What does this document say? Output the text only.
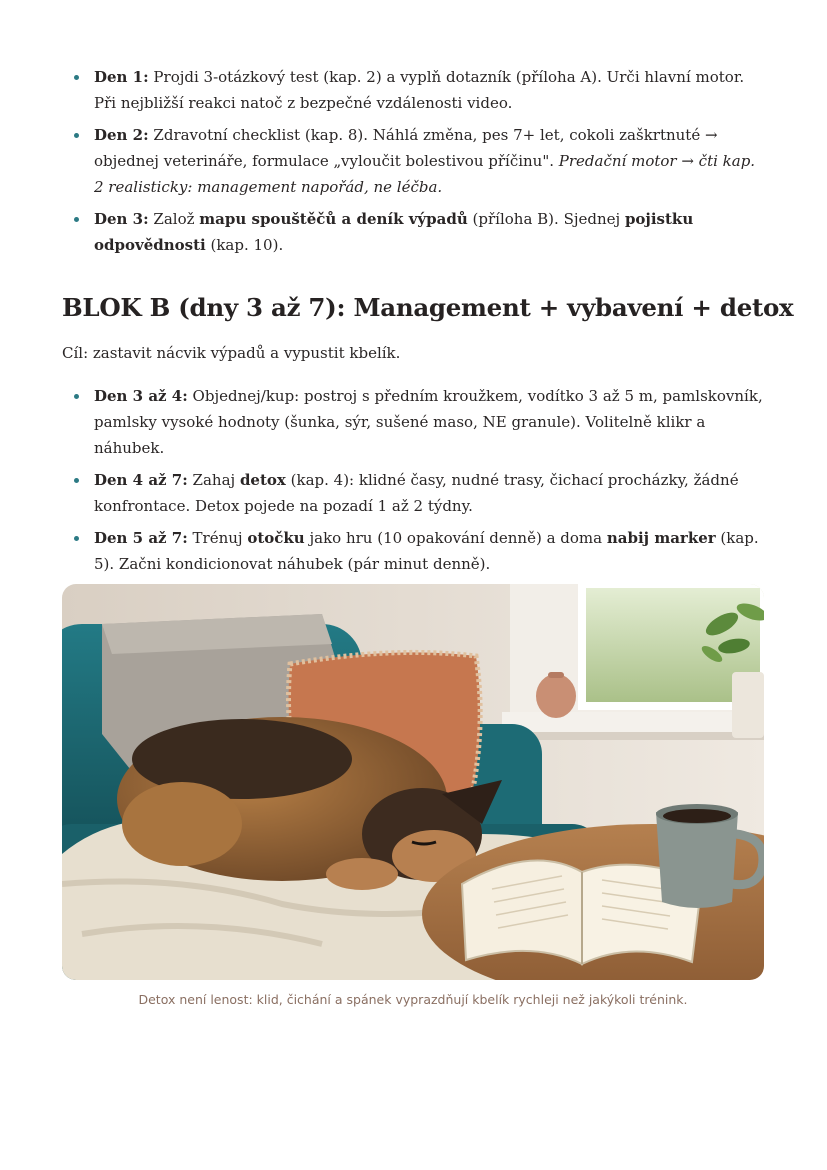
Den 1: Projdi 3-otázkový test (kap. 2) a vyplň dotazník (příloha A). Urči hlavní motor. Při nejbližší reakci natoč z bezpečné vzdálenosti video.
Den 2: Zdravotní checklist (kap. 8). Náhlá změna, pes 7+ let, cokoli zaškrtnuté → objednej veterináře, formulace „vyloučit bolestivou příčinu". Predační motor → čti kap. 2 realisticky: management napořád, ne léčba.
Den 3: Založ mapu spouštěčů a deník výpadů (příloha B). Sjednej pojistku odpovědnosti (kap. 10).
BLOK B (dny 3 až 7): Management + vybavení + detox

Cíl: zastavit nácvik výpadů a vypustit kbelík.

Den 3 až 4: Objednej/kup: postroj s předním kroužkem, vodítko 3 až 5 m, pamlskovník, pamlsky vysoké hodnoty (šunka, sýr, sušené maso, NE granule). Volitelně klikr a náhubek.
Den 4 až 7: Zahaj detox (kap. 4): klidné časy, nudné trasy, čichací procházky, žádné konfrontace. Detox pojede na pozadí 1 až 2 týdny.
Den 5 až 7: Trénuj otočku jako hru (10 opakování denně) a doma nabij marker (kap. 5). Začni kondicionovat náhubek (pár minut denně).
Detox není lenost: klid, čichání a spánek vyprazdňují kbelík rychleji než jakýkoli trénink.
